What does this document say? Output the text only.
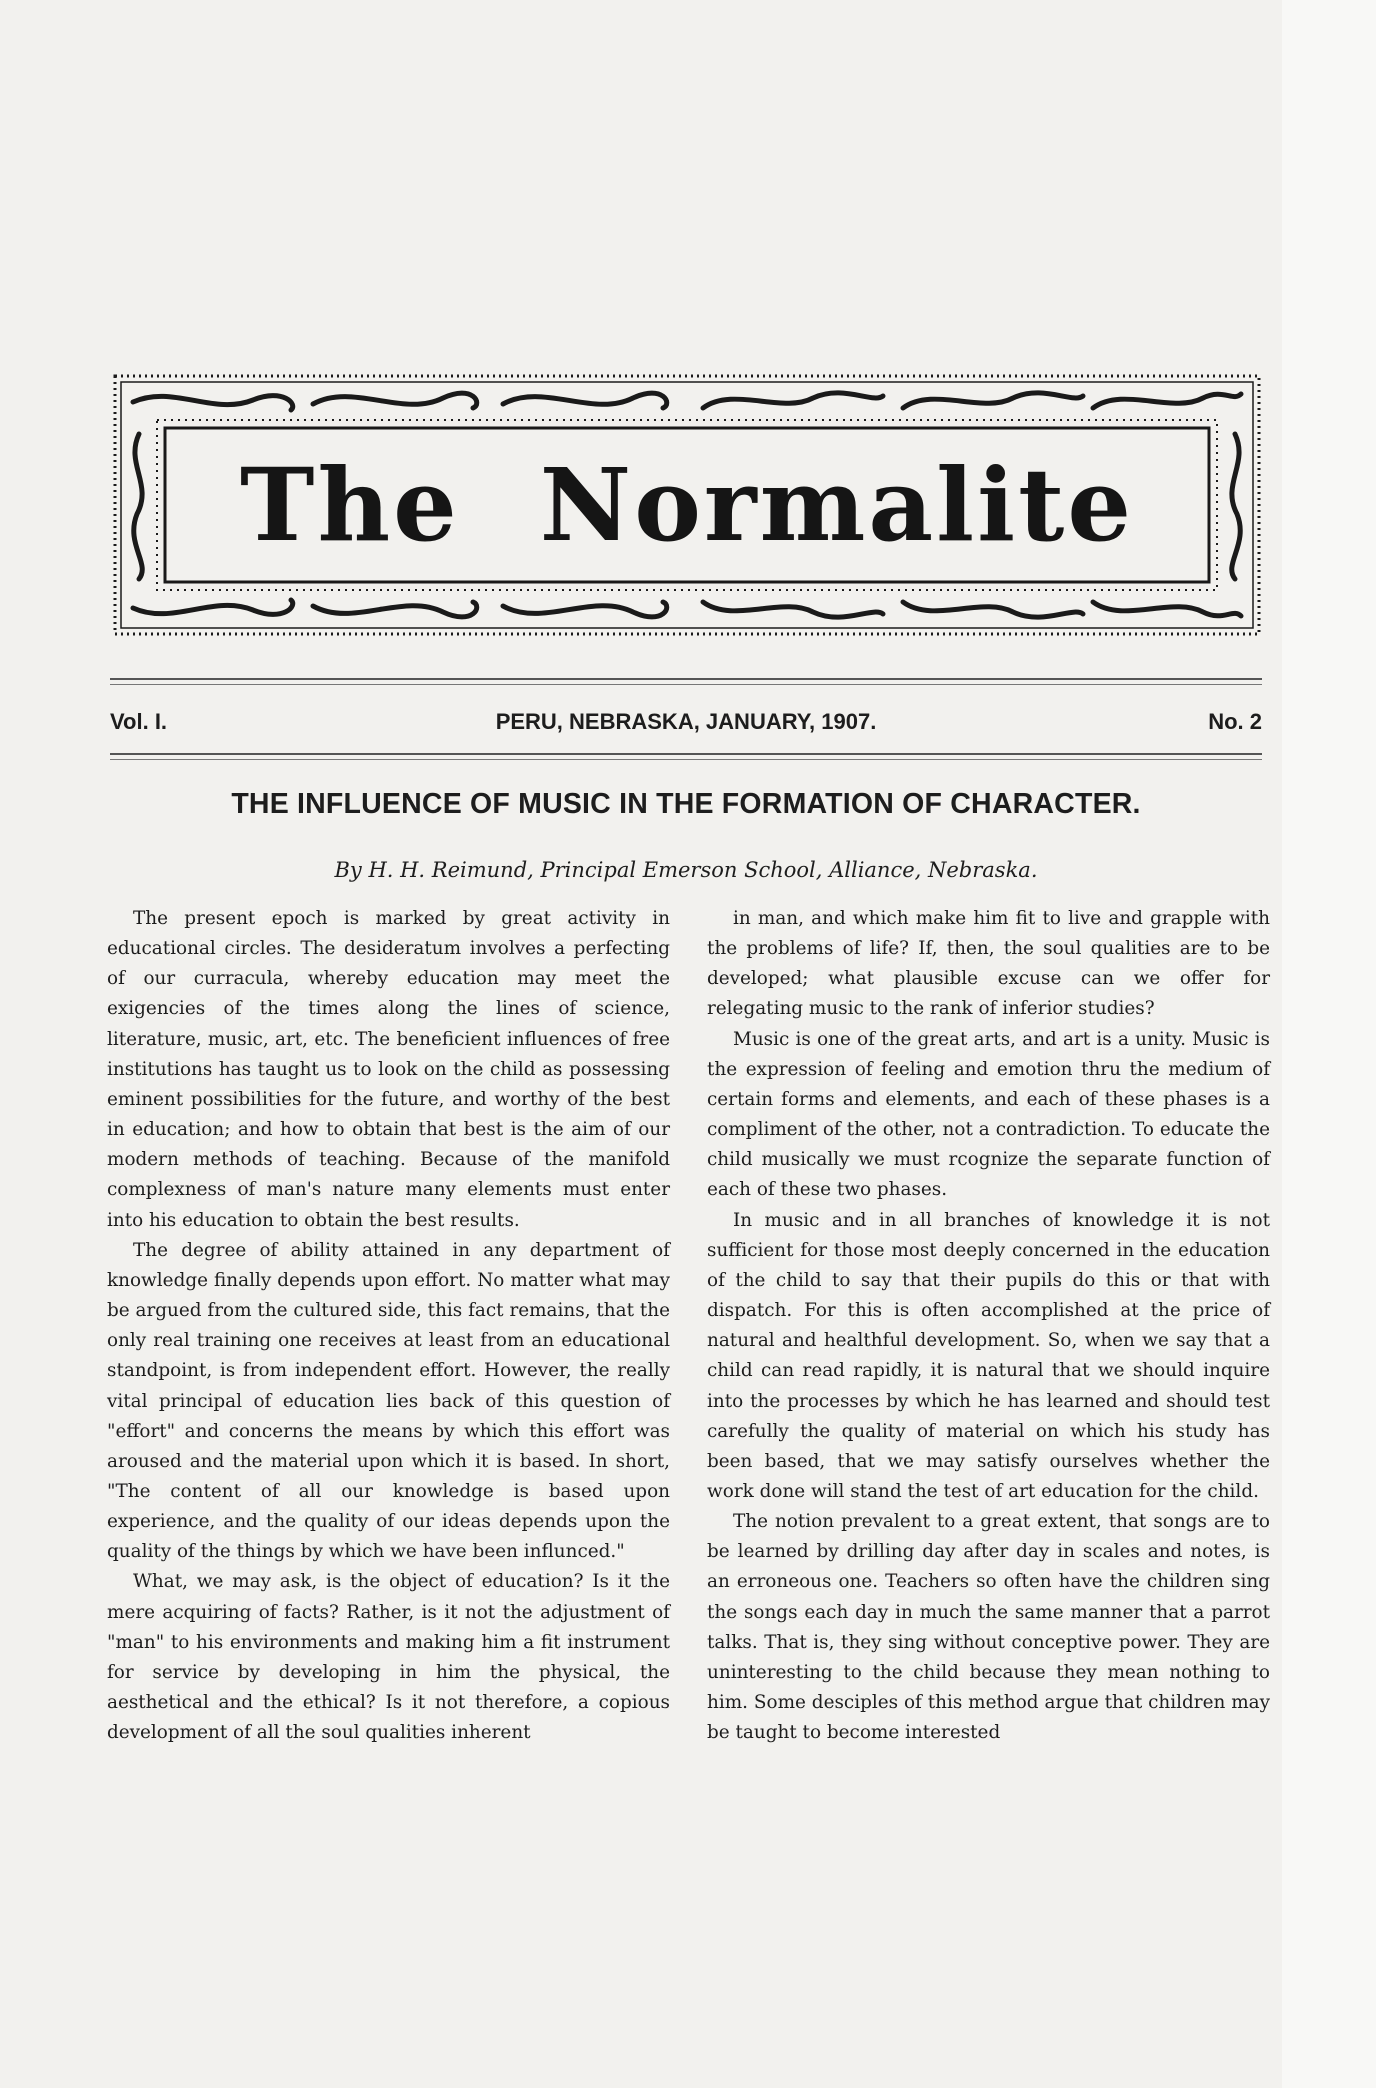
The Normalite
Vol. I.	PERU, NEBRASKA, JANUARY, 1907.	No. 2
THE INFLUENCE OF MUSIC IN THE FORMATION OF CHARACTER.
By H. H. Reimund, Principal Emerson School, Alliance, Nebraska.

The present epoch is marked by great activity in educational circles. The desideratum involves a perfecting of our curracula, whereby education may meet the exigencies of the times along the lines of science, literature, music, art, etc. The beneficient influences of free institutions has taught us to look on the child as possessing eminent possibilities for the future, and worthy of the best in education; and how to obtain that best is the aim of our modern methods of teaching. Because of the manifold complexness of man's nature many elements must enter into his education to obtain the best results.

The degree of ability attained in any department of knowledge finally depends upon effort. No matter what may be argued from the cultured side, this fact remains, that the only real training one receives at least from an educational standpoint, is from independent effort. However, the really vital principal of education lies back of this question of "effort" and concerns the means by which this effort was aroused and the material upon which it is based. In short, "The content of all our knowledge is based upon experience, and the quality of our ideas depends upon the quality of the things by which we have been influnced."

What, we may ask, is the object of education? Is it the mere acquiring of facts? Rather, is it not the adjustment of "man" to his environments and making him a fit instrument for service by developing in him the physical, the aesthetical and the ethical? Is it not therefore, a copious development of all the soul qualities inherent

in man, and which make him fit to live and grapple with the problems of life? If, then, the soul qualities are to be developed; what plausible excuse can we offer for relegating music to the rank of inferior studies?

Music is one of the great arts, and art is a unity. Music is the expression of feeling and emotion thru the medium of certain forms and elements, and each of these phases is a compliment of the other, not a contradiction. To educate the child musically we must rcognize the separate function of each of these two phases.

In music and in all branches of knowledge it is not sufficient for those most deeply concerned in the education of the child to say that their pupils do this or that with dispatch. For this is often accomplished at the price of natural and healthful development. So, when we say that a child can read rapidly, it is natural that we should inquire into the processes by which he has learned and should test carefully the quality of material on which his study has been based, that we may satisfy ourselves whether the work done will stand the test of art education for the child.

The notion prevalent to a great extent, that songs are to be learned by drilling day after day in scales and notes, is an erroneous one. Teachers so often have the children sing the songs each day in much the same manner that a parrot talks. That is, they sing without conceptive power. They are uninteresting to the child because they mean nothing to him. Some desciples of this method argue that children may be taught to become interested
